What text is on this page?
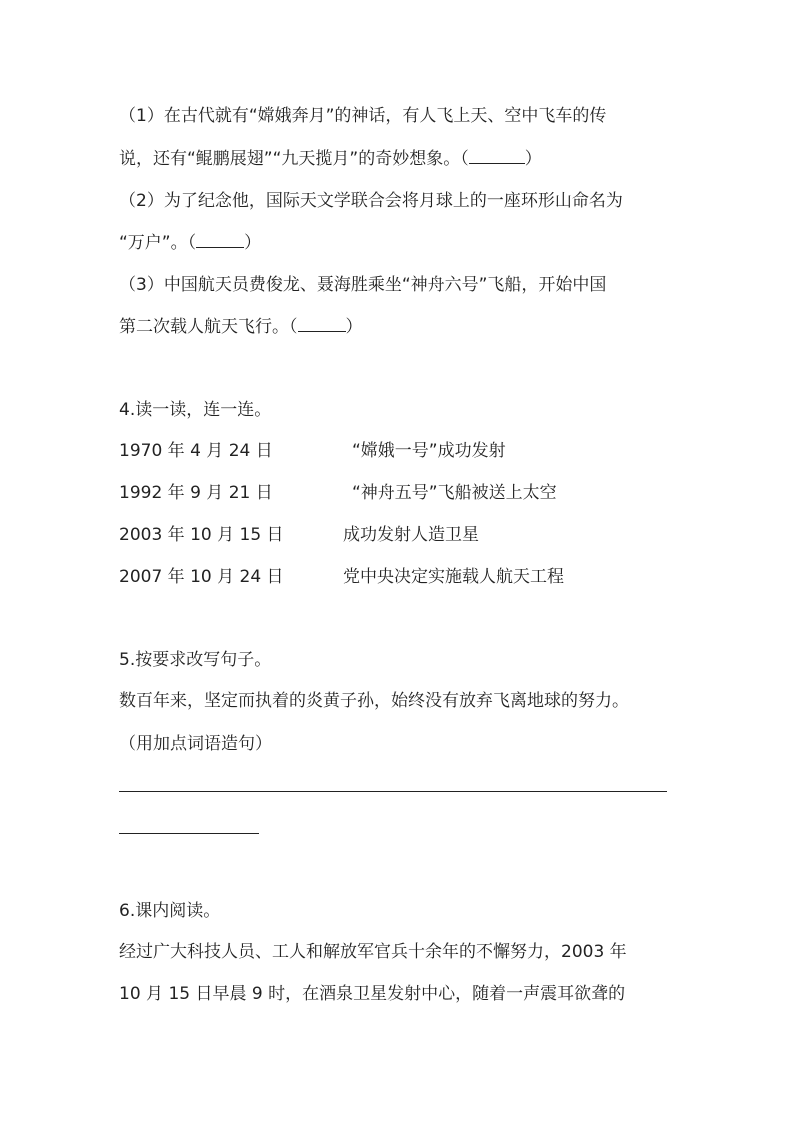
（1）在古代就有“嫦娥奔月”的神话，有人飞上天、空中飞车的传
说，还有“鲲鹏展翅”“九天揽月”的奇妙想象。（	）
（2）为了纪念他，国际天文学联合会将月球上的一座环形山命名为
“万户”。（	）
（3）中国航天员费俊龙、聂海胜乘坐“神舟六号”飞船，开始中国
第二次载人航天飞行。（	）
4.读一读，连一连。
1970 年 4 月 24 日	“嫦娥一号”成功发射
1992 年 9 月 21 日	“神舟五号”飞船被送上太空
2003 年 10 月 15 日	成功发射人造卫星
2007 年 10 月 24 日	党中央决定实施载人航天工程
5.按要求改写句子。
数百年来，坚定而执着的炎黄子孙，始终没有放弃飞离地球的努力。
（用加点词语造句）
6.课内阅读。
经过广大科技人员、工人和解放军官兵十余年的不懈努力，2003 年
10 月 15 日早晨 9 时，在酒泉卫星发射中心，随着一声震耳欲聋的
